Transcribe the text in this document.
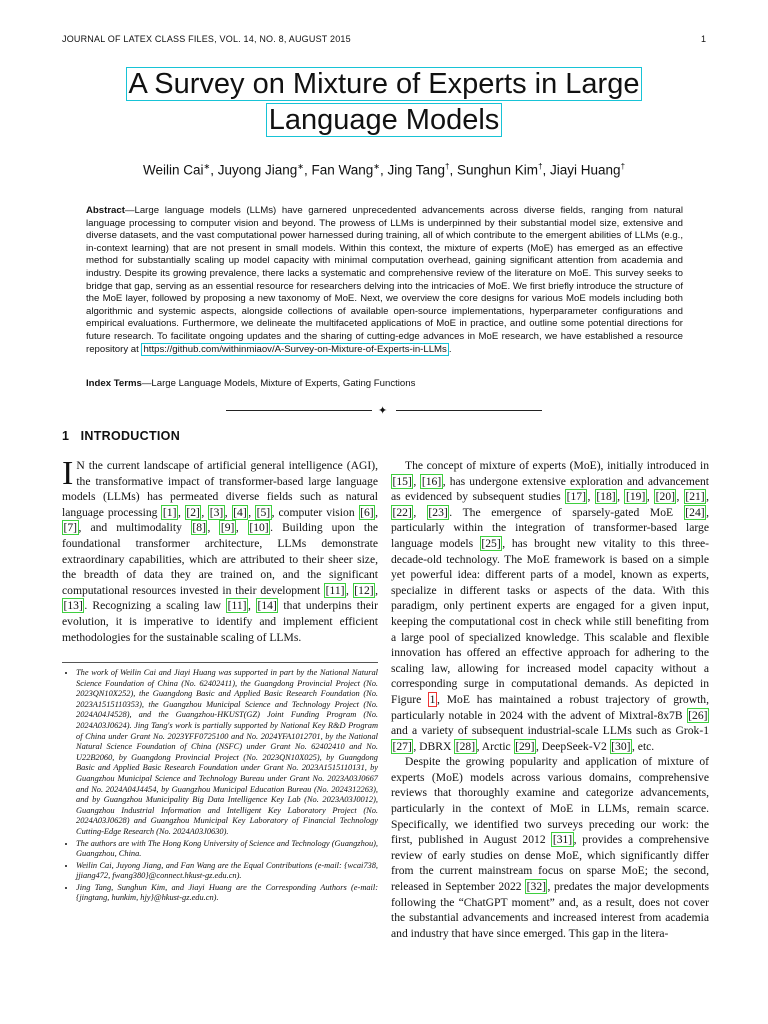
JOURNAL OF LATEX CLASS FILES, VOL. 14, NO. 8, AUGUST 2015	1
A Survey on Mixture of Experts in Large
Language Models
Weilin Cai∗, Juyong Jiang∗, Fan Wang∗, Jing Tang†, Sunghun Kim†, Jiayi Huang†
Abstract—Large language models (LLMs) have garnered unprecedented advancements across diverse fields, ranging from natural language processing to computer vision and beyond. The prowess of LLMs is underpinned by their substantial model size, extensive and diverse datasets, and the vast computational power harnessed during training, all of which contribute to the emergent abilities of LLMs (e.g., in-context learning) that are not present in small models. Within this context, the mixture of experts (MoE) has emerged as an effective method for substantially scaling up model capacity with minimal computation overhead, gaining significant attention from academia and industry. Despite its growing prevalence, there lacks a systematic and comprehensive review of the literature on MoE. This survey seeks to bridge that gap, serving as an essential resource for researchers delving into the intricacies of MoE. We first briefly introduce the structure of the MoE layer, followed by proposing a new taxonomy of MoE. Next, we overview the core designs for various MoE models including both algorithmic and systemic aspects, alongside collections of available open-source implementations, hyperparameter configurations and empirical evaluations. Furthermore, we delineate the multifaceted applications of MoE in practice, and outline some potential directions for future research. To facilitate ongoing updates and the sharing of cutting-edge advances in MoE research, we have established a resource repository at https://github.com/withinmiaov/A-Survey-on-Mixture-of-Experts-in-LLMs .
Index Terms—Large Language Models, Mixture of Experts, Gating Functions
✦
1 INTRODUCTION

I N the current landscape of artificial general intelligence (AGI), the transformative impact of transformer-based large language models (LLMs) has permeated diverse fields such as natural language processing [1] , [2] , [3] , [4] , [5] , computer vision [6] , [7] , and multimodality [8] , [9] , [10] . Building upon the foundational transformer architecture, LLMs demonstrate extraordinary capabilities, which are attributed to their sheer size, the breadth of data they are trained on, and the significant computational resources invested in their development [11] , [12] , [13] . Recognizing a scaling law [11] , [14] that underpins their evolution, it is imperative to identify and implement efficient methodologies for the sustainable scaling of LLMs.

• The work of Weilin Cai and Jiayi Huang was supported in part by the National Natural Science Foundation of China (No. 62402411), the Guangdong Provincial Project (No. 2023QN10X252), the Guangdong Basic and Applied Basic Research Foundation (No. 2023A1515110353), the Guangzhou Municipal Science and Technology Project (No. 2024A04J4528), and the Guangzhou-HKUST(GZ) Joint Funding Program (No. 2024A03J0624). Jing Tang's work is partially supported by National Key R&D Program of China under Grant No. 2023YFF0725100 and No. 2024YFA1012701, by the National Natural Science Foundation of China (NSFC) under Grant No. 62402410 and No. U22B2060, by Guangdong Provincial Project (No. 2023QN10X025), by Guangdong Basic and Applied Basic Research Foundation under Grant No. 2023A1515110131, by Guangzhou Municipal Science and Technology Bureau under Grant No. 2023A03J0667 and No. 2024A04J4454, by Guangzhou Municipal Education Bureau (No. 2024312263), and by Guangzhou Municipality Big Data Intelligence Key Lab (No. 2023A03J0012), Guangzhou Industrial Information and Intelligent Key Laboratory Project (No. 2024A03J0628) and Guangzhou Municipal Key Laboratory of Financial Technology Cutting-Edge Research (No. 2024A03J0630).
• The authors are with The Hong Kong University of Science and Technology (Guangzhou), Guangzhou, China.
• Weilin Cai, Juyong Jiang, and Fan Wang are the Equal Contributions (e-mail: {wcai738, jjiang472, fwang380}@connect.hkust-gz.edu.cn).
• Jing Tang, Sunghun Kim, and Jiayi Huang are the Corresponding Authors (e-mail: {jingtang, hunkim, hjy}@hkust-gz.edu.cn).

The concept of mixture of experts (MoE), initially introduced in [15] , [16] , has undergone extensive exploration and advancement as evidenced by subsequent studies [17] , [18] , [19] , [20] , [21] , [22] , [23] . The emergence of sparsely-gated MoE [24] , particularly within the integration of transformer-based large language models [25] , has brought new vitality to this three-decade-old technology. The MoE framework is based on a simple yet powerful idea: different parts of a model, known as experts, specialize in different tasks or aspects of the data. With this paradigm, only pertinent experts are engaged for a given input, keeping the computational cost in check while still benefiting from a large pool of specialized knowledge. This scalable and flexible innovation has offered an effective approach for adhering to the scaling law, allowing for increased model capacity without a corresponding surge in computational demands. As depicted in Figure 1 , MoE has maintained a robust trajectory of growth, particularly notable in 2024 with the advent of Mixtral-8x7B [26] and a variety of subsequent industrial-scale LLMs such as Grok-1 [27] , DBRX [28] , Arctic [29] , DeepSeek-V2 [30] , etc.

Despite the growing popularity and application of mixture of experts (MoE) models across various domains, comprehensive reviews that thoroughly examine and categorize advancements, particularly in the context of MoE in LLMs, remain scarce. Specifically, we identified two surveys preceding our work: the first, published in August 2012 [31] , provides a comprehensive review of early studies on dense MoE, which significantly differ from the current mainstream focus on sparse MoE; the second, released in September 2022 [32] , predates the major developments following the “ChatGPT moment” and, as a result, does not cover the substantial advancements and increased interest from academia and industry that have since emerged. This gap in the litera-
